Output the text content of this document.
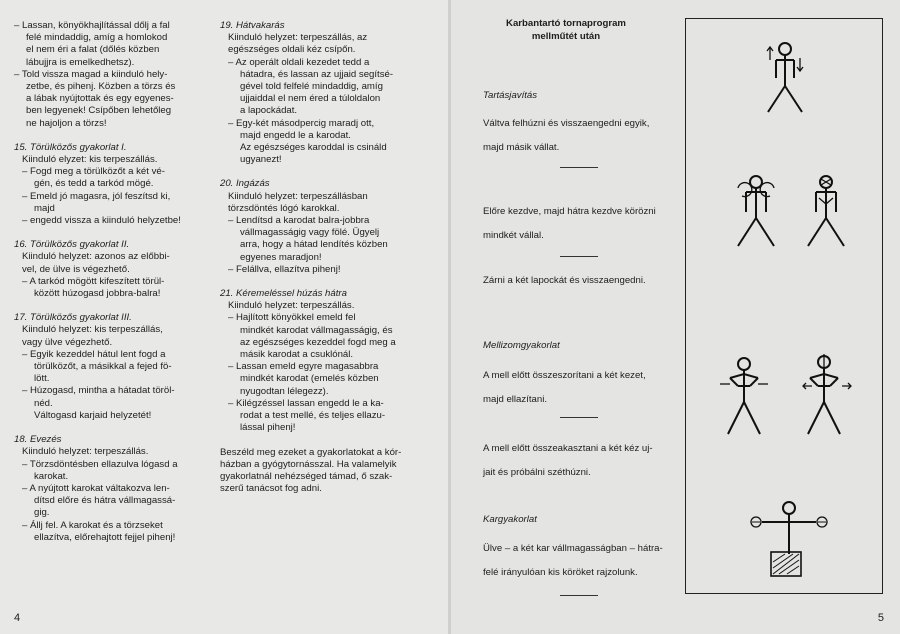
– Lassan, könyökhajlítással dőlj a fal
felé mindaddig, amíg a homlokod
el nem éri a falat (dőlés közben
lábujjra is emelkedhetsz).
– Told vissza magad a kiinduló hely-
zetbe, és pihenj. Közben a törzs és
a lábak nyújtottak és egy egyenes-
ben legyenek! Csípőben lehetőleg
ne hajoljon a törzs!
15. Törülközős gyakorlat I.
Kiinduló elyzet: kis terpeszállás.
– Fogd meg a törülközőt a két vé-
gén, és tedd a tarkód mögé.
– Emeld jó magasra, jól feszítsd ki,
majd
– engedd vissza a kiinduló helyzetbe!
16. Törülközős gyakorlat II.
Kiinduló helyzet: azonos az előbbi-
vel, de ülve is végezhető.
– A tarkód mögött kifeszített törül-
között húzogasd jobbra-balra!
17. Törülközős gyakorlat III.
Kiinduló helyzet: kis terpeszállás,
vagy ülve végezhető.
– Egyik kezeddel hátul lent fogd a
törülközőt, a másikkal a fejed fö-
lött.
– Húzogasd, mintha a hátadat töröl-
néd.
Váltogasd karjaid helyzetét!
18. Evezés
Kiinduló helyzet: terpeszállás.
– Törzsdöntésben ellazulva lógasd a
karokat.
– A nyújtott karokat váltakozva len-
dítsd előre és hátra vállmagassá-
gig.
– Állj fel. A karokat és a törzseket
ellazítva, előrehajtott fejjel pihenj!
19. Hátvakarás
Kiinduló helyzet: terpeszállás, az
egészséges oldali kéz csípőn.
– Az operált oldali kezedet tedd a
hátadra, és lassan az ujjaid segítsé-
gével told felfelé mindaddig, amíg
ujjaiddal el nem éred a túloldalon
a lapockádat.
– Egy-két másodpercig maradj ott,
majd engedd le a karodat.
Az egészséges karoddal is csináld
ugyanezt!
20. Ingázás
Kiinduló helyzet: terpeszállásban
törzsdöntés lógó karokkal.
– Lendítsd a karodat balra-jobbra
vállmagasságig vagy fölé. Ügyelj
arra, hogy a hátad lendítés közben
egyenes maradjon!
– Felállva, ellazítva pihenj!
21. Kéremeléssel húzás hátra
Kiinduló helyzet: terpeszállás.
– Hajlított könyökkel emeld fel
mindkét karodat vállmagasságig, és
az egészséges kezeddel fogd meg a
másik karodat a csuklónál.
– Lassan emeld egyre magasabbra
mindkét karodat (emelés közben
nyugodtan lélegezz).
– Kilégzéssel lassan engedd le a ka-
rodat a test mellé, és teljes ellazu-
lással pihenj!
Beszéld meg ezeket a gyakorlatokat a kór-
házban a gyógytornásszal. Ha valamelyik
gyakorlatnál nehézséged támad, ő szak-
szerű tanácsot fog adni.
4
Karbantartó tornaprogram
mellműtét után
Tartásjavítás
Váltva felhúzni és visszaengedni egyik,
majd másik vállat.
Előre kezdve, majd hátra kezdve körözni
mindkét vállal.
Zárni a két lapockát és visszaengedni.
Mellizomgyakorlat
A mell előtt összeszorítani a két kezet,
majd ellazítani.
A mell előtt összeakasztani a két kéz uj-
jait és próbálni széthúzni.
Kargyakorlat
Ülve – a két kar vállmagasságban – hátra-
felé irányulóan kis köröket rajzolunk.
5
